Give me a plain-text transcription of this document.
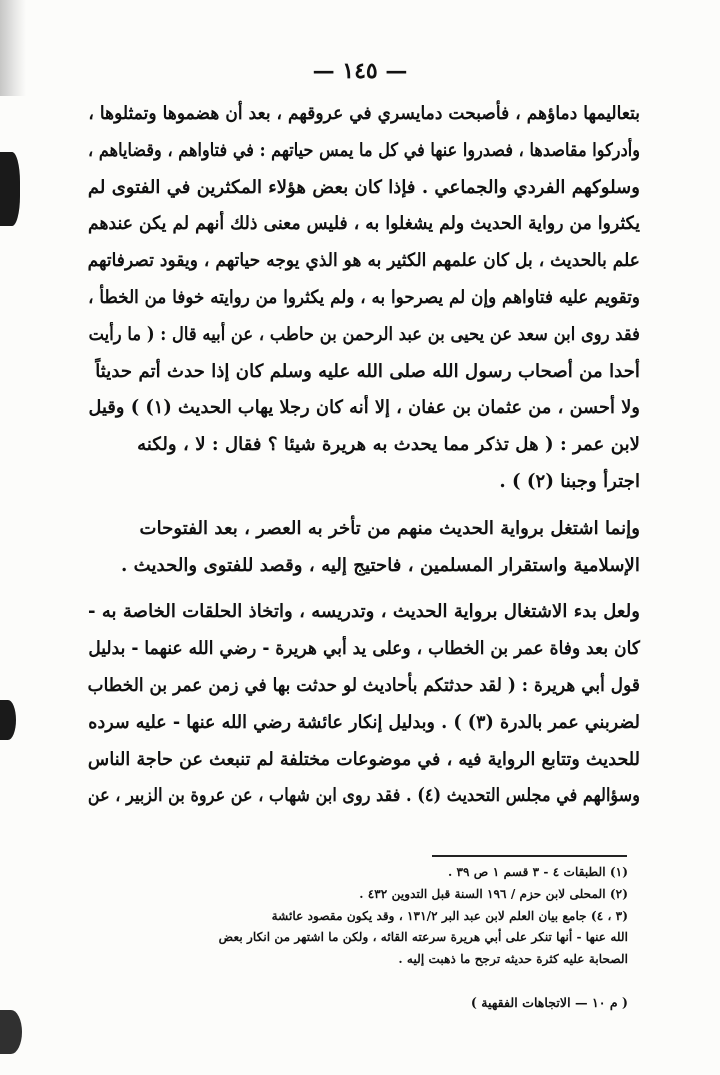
— ١٤٥ —

بتعاليمها دماؤهم ، فأصبحت دمايسري في عروقهم ، بعد أن هضموها وتمثلوها ، وأدركوا مقاصدها ، فصدروا عنها في كل ما يمس حياتهم : في فتاواهم ، وقضاياهم ، وسلوكهم الفردي والجماعي . فإذا كان بعض هؤلاء المكثرين في الفتوى لم يكثروا من رواية الحديث ولم يشغلوا به ، فليس معنى ذلك أنهم لم يكن عندهم علم بالحديث ، بل كان علمهم الكثير به هو الذي يوجه حياتهم ، ويقود تصرفاتهم وتقويم عليه فتاواهم وإن لم يصرحوا به ، ولم يكثروا من روايته خوفا من الخطأ ، فقد روى ابن سعد عن يحيى بن عبد الرحمن بن حاطب ، عن أبيه قال : ( ما رأيت
أحدا من أصحاب رسول الله صلى الله عليه وسلم كان إذا حدث أتم حديثاً
ولا أحسن ، من عثمان بن عفان ، إلا أنه كان رجلا يهاب الحديث (١) ) وقيل
لابن عمر : ( هل تذكر مما يحدث به هريرة شيئا ؟ فقال : لا ، ولكنه
اجترأ وجبنا (٢) ) .

وإنما اشتغل برواية الحديث منهم من تأخر به العصر ، بعد الفتوحات
الإسلامية واستقرار المسلمين ، فاحتيج إليه ، وقصد للفتوى والحديث .

ولعل بدء الاشتغال برواية الحديث ، وتدريسه ، واتخاذ الحلقات الخاصة به - كان بعد وفاة عمر بن الخطاب ، وعلى يد أبي هريرة - رضي الله عنهما - بدليل قول أبي هريرة : ( لقد حدثتكم بأحاديث لو حدثت بها في زمن عمر بن الخطاب لضربني عمر بالدرة (٣) ) . وبدليل إنكار عائشة رضي الله عنها - عليه سرده للحديث وتتابع الرواية فيه ، في موضوعات مختلفة لم تنبعث عن حاجة الناس وسؤالهم في مجلس التحديث (٤) . فقد روى ابن شهاب ، عن عروة بن الزبير ، عن

(١) الطبقات ٤ - ٣ قسم ١ ص ٣٩ .
(٢) المحلى لابن حزم / ١٩٦ السنة قبل التدوين ٤٣٢ .
(٣ ، ٤) جامع بيان العلم لابن عبد البر ١٣١/٢ ، وقد يكون مقصود عائشة
الله عنها - أنها تنكر على أبي هريرة سرعته القائه ، ولكن ما اشتهر من انكار بعض
الصحابة عليه كثرة حديثه ترجح ما ذهبت إليه .
( م ١٠ — الاتجاهات الفقهية )
